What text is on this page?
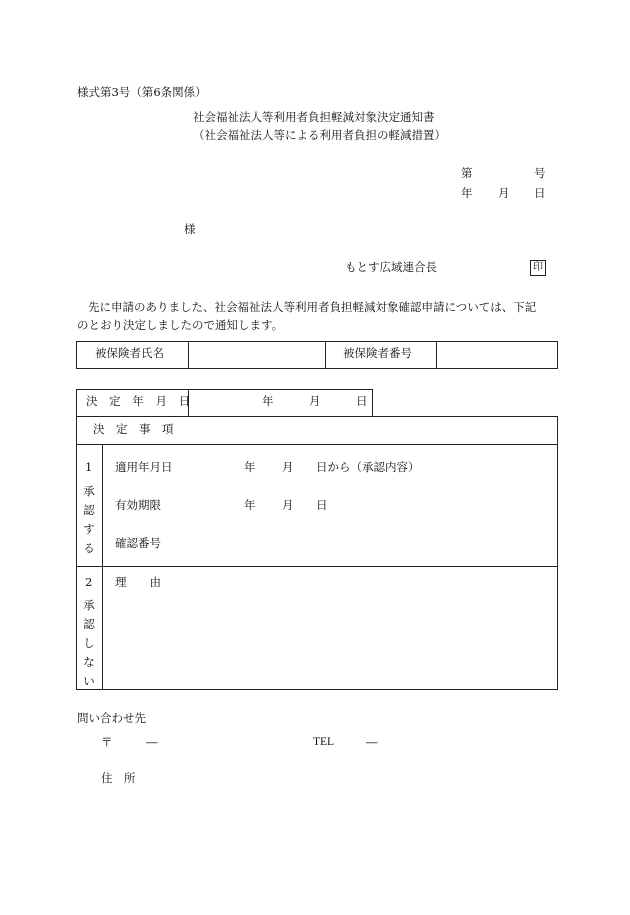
様式第3号（第6条関係）
社会福祉法人等利用者負担軽減対象決定通知書
（社会福祉法人等による利用者負担の軽減措置）
第	号
年 月 日
様
もとす広域連合長	印
先に申請のありました、社会福祉法人等利用者負担軽減対象確認申請については、下記
のとおり決定しましたので通知します。
被保険者氏名	被保険者番号
決 定 年 月 日	年	月	日
決　定　事　項
1
承
認
す
る
適用年月日	年 月 日から（承認内容）
有効期限	年 月 日
確認番号
2
承
認
し
な
い
理　　由
問い合わせ先
〒	―	TEL	―
住　所
